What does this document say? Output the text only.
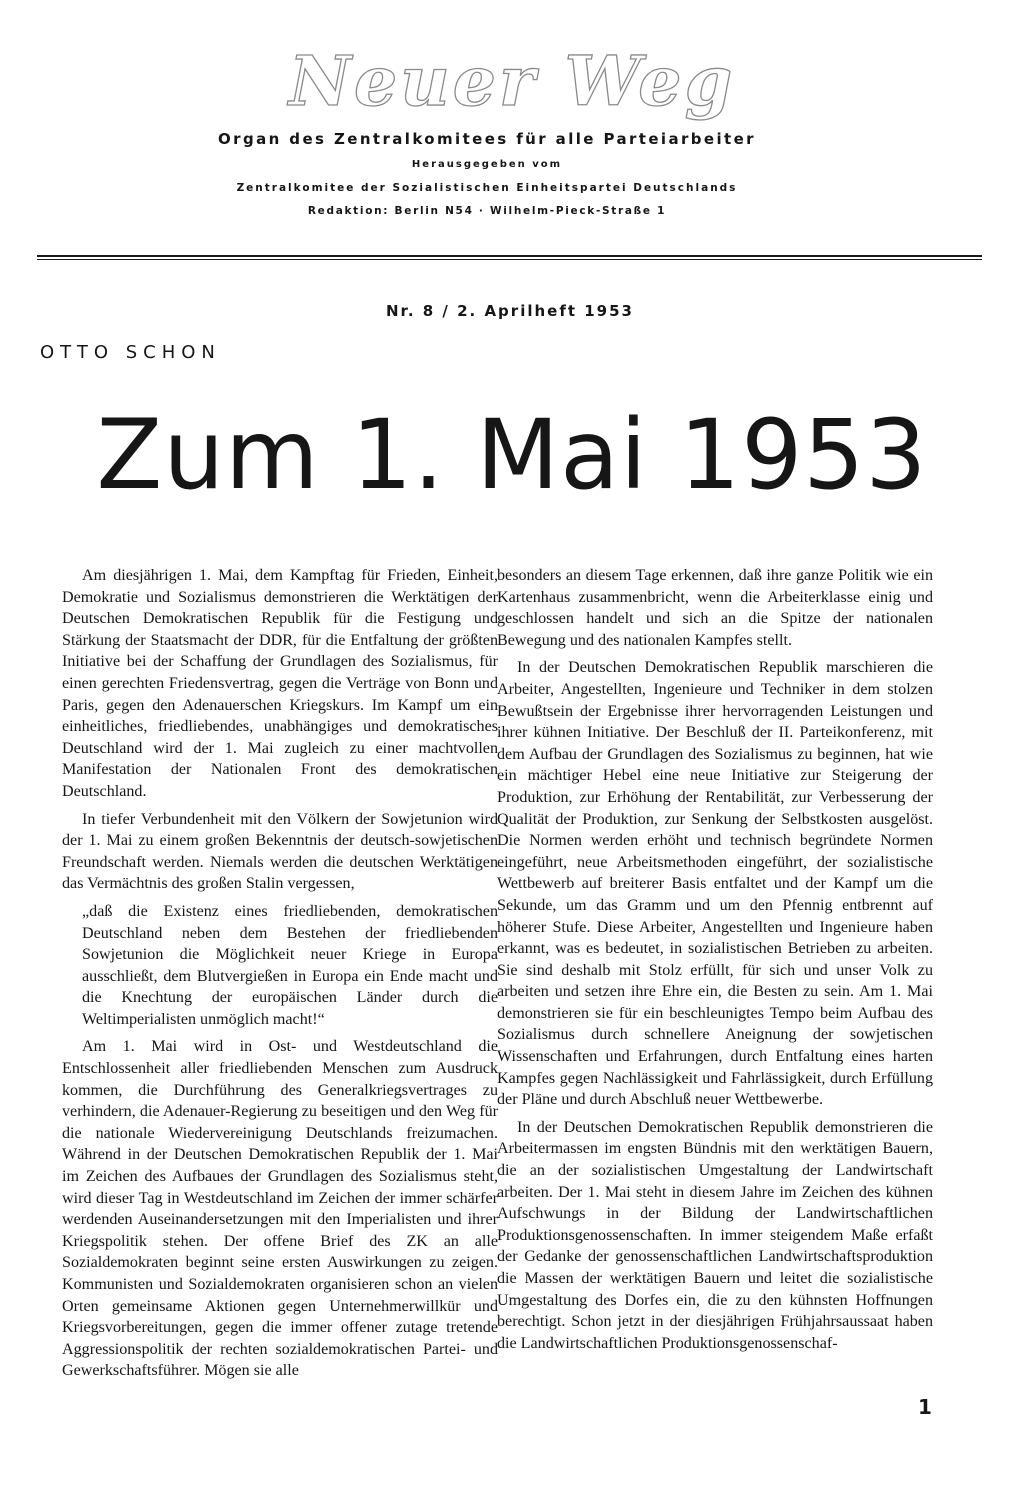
Neuer Weg
Organ des Zentralkomitees für alle Parteiarbeiter
Herausgegeben vom
Zentralkomitee der Sozialistischen Einheitspartei Deutschlands
Redaktion: Berlin N54 · Wilhelm-Pieck-Straße 1
Nr. 8 / 2. Aprilheft 1953
OTTO SCHON
Zum 1. Mai 1953

Am diesjährigen 1. Mai, dem Kampftag für Frieden, Einheit, Demokratie und Sozialismus demonstrieren die Werktätigen der Deutschen Demokratischen Republik für die Festigung und Stärkung der Staatsmacht der DDR, für die Entfaltung der größten Initiative bei der Schaffung der Grundlagen des Sozialismus, für einen gerechten Friedensvertrag, gegen die Verträge von Bonn und Paris, gegen den Adenauerschen Kriegskurs. Im Kampf um ein einheitliches, friedliebendes, unabhängiges und demokratisches Deutschland wird der 1. Mai zugleich zu einer machtvollen Manifestation der Nationalen Front des demokratischen Deutschland.

In tiefer Verbundenheit mit den Völkern der Sowjetunion wird der 1. Mai zu einem großen Bekenntnis der deutsch-sowjetischen Freundschaft werden. Niemals werden die deutschen Werktätigen das Vermächtnis des großen Stalin vergessen,

„daß die Existenz eines friedliebenden, demokratischen Deutschland neben dem Bestehen der friedliebenden Sowjetunion die Möglichkeit neuer Kriege in Europa ausschließt, dem Blutvergießen in Europa ein Ende macht und die Knechtung der europäischen Länder durch die Weltimperialisten unmöglich macht!“

Am 1. Mai wird in Ost- und Westdeutschland die Entschlossenheit aller friedliebenden Menschen zum Ausdruck kommen, die Durchführung des Generalkriegsvertrages zu verhindern, die Adenauer-Regierung zu beseitigen und den Weg für die nationale Wiedervereinigung Deutschlands freizumachen. Während in der Deutschen Demokratischen Republik der 1. Mai im Zeichen des Aufbaues der Grundlagen des Sozialismus steht, wird dieser Tag in Westdeutschland im Zeichen der immer schärfer werdenden Auseinandersetzungen mit den Imperialisten und ihrer Kriegspolitik stehen. Der offene Brief des ZK an alle Sozialdemokraten beginnt seine ersten Auswirkungen zu zeigen. Kommunisten und Sozialdemokraten organisieren schon an vielen Orten gemeinsame Aktionen gegen Unternehmerwillkür und Kriegsvorbereitungen, gegen die immer offener zutage tretende Aggressionspolitik der rechten sozialdemokratischen Partei- und Gewerkschaftsführer. Mögen sie alle

besonders an diesem Tage erkennen, daß ihre ganze Politik wie ein Kartenhaus zusammenbricht, wenn die Arbeiterklasse einig und geschlossen handelt und sich an die Spitze der nationalen Bewegung und des nationalen Kampfes stellt.

In der Deutschen Demokratischen Republik marschieren die Arbeiter, Angestellten, Ingenieure und Techniker in dem stolzen Bewußtsein der Ergebnisse ihrer hervorragenden Leistungen und ihrer kühnen Initiative. Der Beschluß der II. Parteikonferenz, mit dem Aufbau der Grundlagen des Sozialismus zu beginnen, hat wie ein mächtiger Hebel eine neue Initiative zur Steigerung der Produktion, zur Erhöhung der Rentabilität, zur Verbesserung der Qualität der Produktion, zur Senkung der Selbstkosten ausgelöst. Die Normen werden erhöht und technisch begründete Normen eingeführt, neue Arbeitsmethoden eingeführt, der sozialistische Wettbewerb auf breiterer Basis entfaltet und der Kampf um die Sekunde, um das Gramm und um den Pfennig entbrennt auf höherer Stufe. Diese Arbeiter, Angestellten und Ingenieure haben erkannt, was es bedeutet, in sozialistischen Betrieben zu arbeiten. Sie sind deshalb mit Stolz erfüllt, für sich und unser Volk zu arbeiten und setzen ihre Ehre ein, die Besten zu sein. Am 1. Mai demonstrieren sie für ein beschleunigtes Tempo beim Aufbau des Sozialismus durch schnellere Aneignung der sowjetischen Wissenschaften und Erfahrungen, durch Entfaltung eines harten Kampfes gegen Nachlässigkeit und Fahrlässigkeit, durch Erfüllung der Pläne und durch Abschluß neuer Wettbewerbe.

In der Deutschen Demokratischen Republik demonstrieren die Arbeitermassen im engsten Bündnis mit den werktätigen Bauern, die an der sozialistischen Umgestaltung der Landwirtschaft arbeiten. Der 1. Mai steht in diesem Jahre im Zeichen des kühnen Aufschwungs in der Bildung der Landwirtschaftlichen Produktionsgenossenschaften. In immer steigendem Maße erfaßt der Gedanke der genossenschaftlichen Landwirtschaftsproduktion die Massen der werktätigen Bauern und leitet die sozialistische Umgestaltung des Dorfes ein, die zu den kühnsten Hoffnungen berechtigt. Schon jetzt in der diesjährigen Frühjahrsaussaat haben die Landwirtschaftlichen Produktionsgenossenschaf-

1
